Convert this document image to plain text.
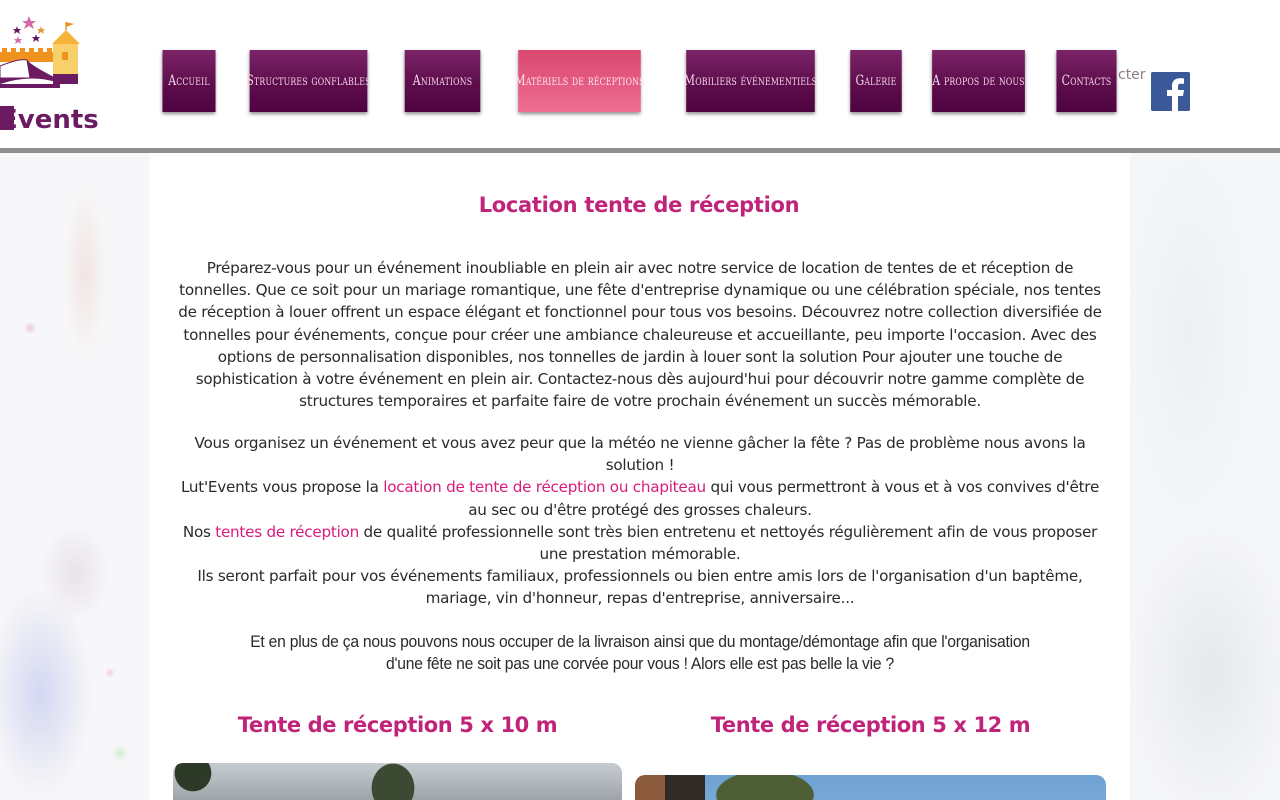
Events
Accueil	Structures gonflables	Animations	Matériels de réceptions	Mobiliers événementiels	Galerie	A propos de nous	Contacts cter
Location tente de réception

Préparez-vous pour un événement inoubliable en plein air avec notre service de location de tentes de et réception de tonnelles. Que ce soit pour un mariage romantique, une fête d'entreprise dynamique ou une célébration spéciale, nos tentes de réception à louer offrent un espace élégant et fonctionnel pour tous vos besoins. Découvrez notre collection diversifiée de tonnelles pour événements, conçue pour créer une ambiance chaleureuse et accueillante, peu importe l'occasion. Avec des options de personnalisation disponibles, nos tonnelles de jardin à louer sont la solution Pour ajouter une touche de sophistication à votre événement en plein air. Contactez-nous dès aujourd'hui pour découvrir notre gamme complète de structures temporaires et parfaite faire de votre prochain événement un succès mémorable.

Vous organisez un événement et vous avez peur que la météo ne vienne gâcher la fête ? Pas de problème nous avons la solution !
Lut'Events vous propose la location de tente de réception ou chapiteau qui vous permettront à vous et à vos convives d'être au sec ou d'être protégé des grosses chaleurs.
Nos tentes de réception de qualité professionnelle sont très bien entretenu et nettoyés régulièrement afin de vous proposer une prestation mémorable.
Ils seront parfait pour vos événements familiaux, professionnels ou bien entre amis lors de l'organisation d'un baptême, mariage, vin d'honneur, repas d'entreprise, anniversaire...

Et en plus de ça nous pouvons nous occuper de la livraison ainsi que du montage/démontage afin que l'organisation d'une fête ne soit pas une corvée pour vous ! Alors elle est pas belle la vie ?

Tente de réception 5 x 10 m	Tente de réception 5 x 12 m
